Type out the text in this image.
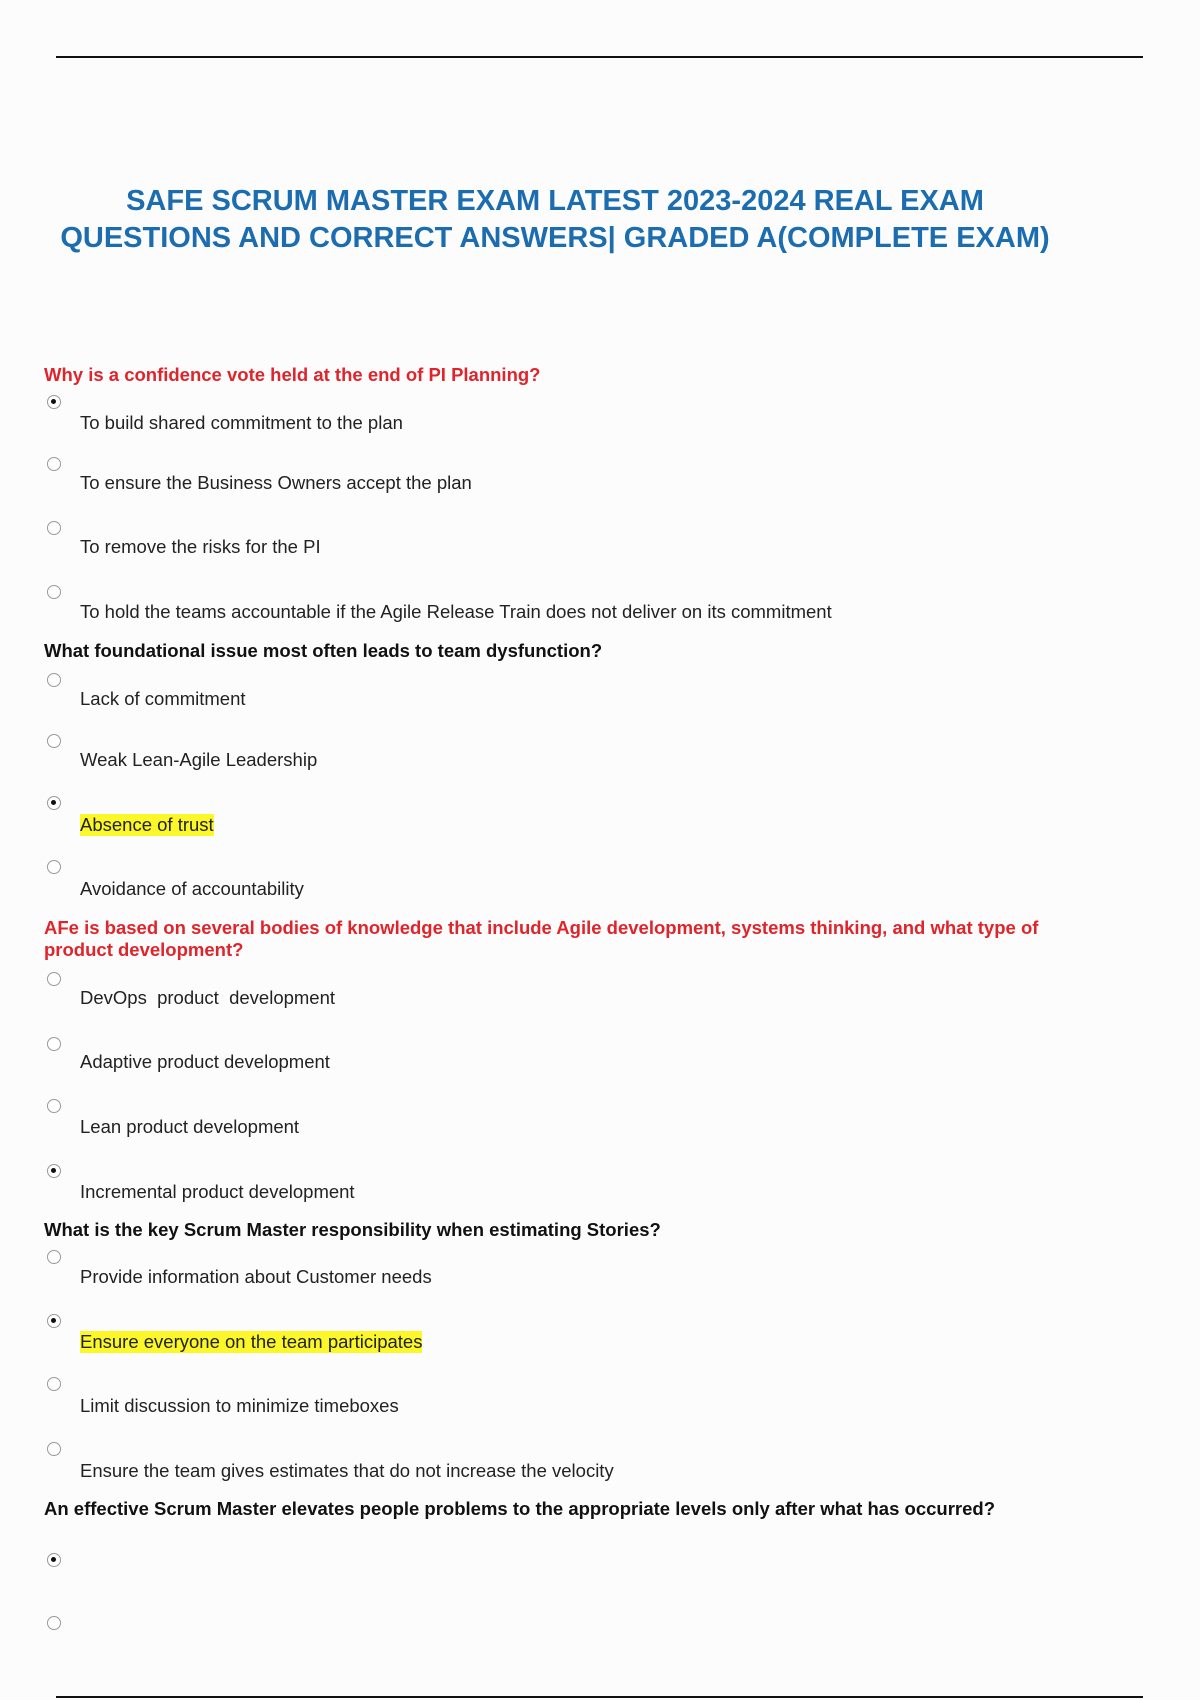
SAFE SCRUM MASTER EXAM LATEST 2023-2024 REAL EXAM QUESTIONS AND CORRECT ANSWERS| GRADED A(COMPLETE EXAM)
Why is a confidence vote held at the end of PI Planning?
To build shared commitment to the plan
To ensure the Business Owners accept the plan
To remove the risks for the PI
To hold the teams accountable if the Agile Release Train does not deliver on its commitment
What foundational issue most often leads to team dysfunction?
Lack of commitment
Weak Lean-Agile Leadership
Absence of trust
Avoidance of accountability
AFe is based on several bodies of knowledge that include Agile development, systems thinking, and what type of product development?
DevOps  product  development
Adaptive product development
Lean product development
Incremental product development
What is the key Scrum Master responsibility when estimating Stories?
Provide information about Customer needs
Ensure everyone on the team participates
Limit discussion to minimize timeboxes
Ensure the team gives estimates that do not increase the velocity
An effective Scrum Master elevates people problems to the appropriate levels only after what has occurred?
